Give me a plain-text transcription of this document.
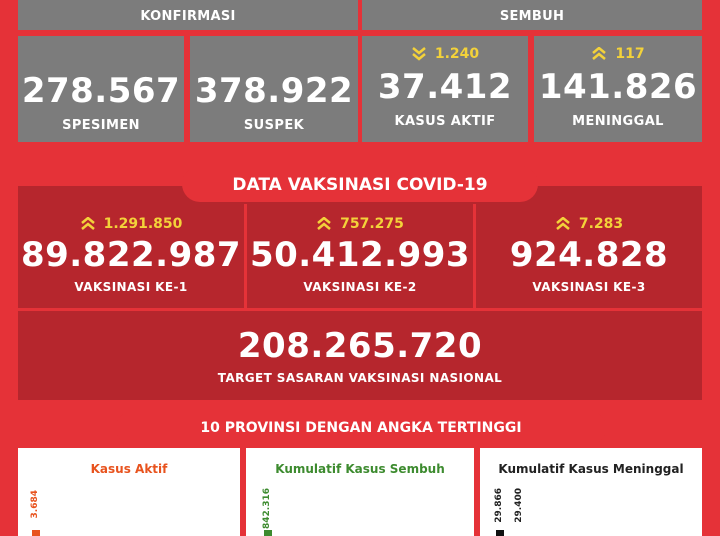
KONFIRMASI	SEMBUH
278.567
SPESIMEN
378.922
SUSPEK
1.240
37.412
KASUS AKTIF
117
141.826
MENINGGAL
DATA VAKSINASI COVID-19
1.291.850
89.822.987
VAKSINASI KE-1
757.275
50.412.993
VAKSINASI KE-2
7.283
924.828
VAKSINASI KE-3
208.265.720
TARGET SASARAN VAKSINASI NASIONAL
10 PROVINSI DENGAN ANGKA TERTINGGI
Kasus Aktif
3.684
Kumulatif Kasus Sembuh
842.316
Kumulatif Kasus Meninggal
29.866 29.400
